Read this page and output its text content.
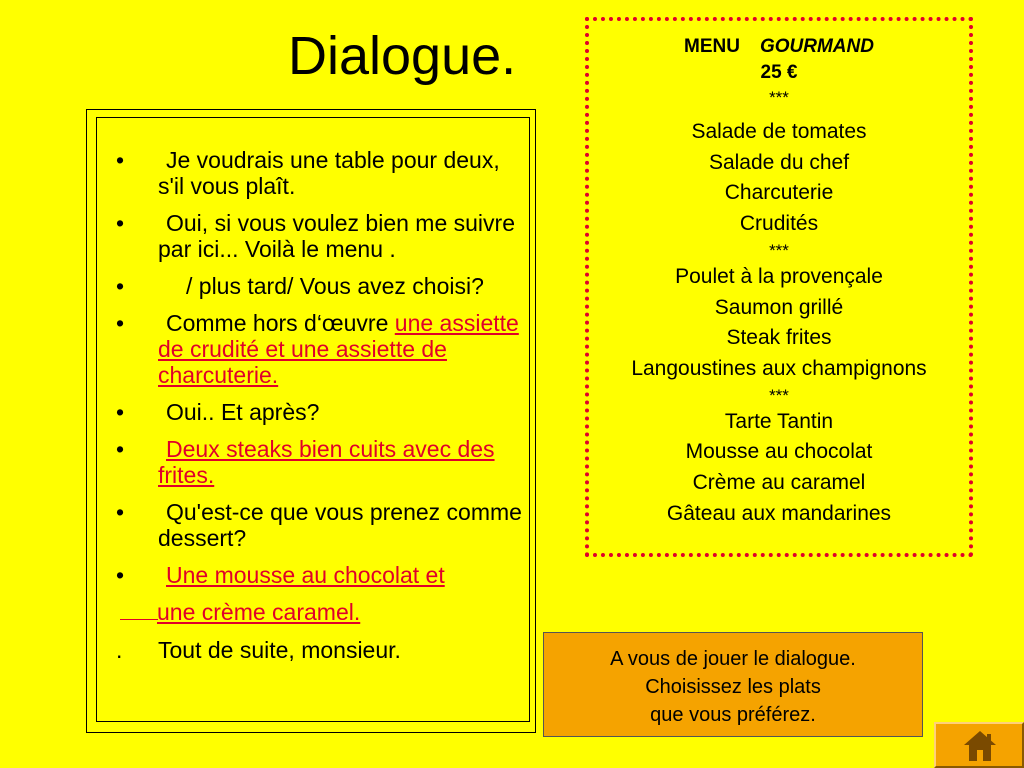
Dialogue.
• Je voudrais une table pour deux, s'il vous plaît.
• Oui, si vous voulez bien me suivre par ici... Voilà le menu .
•	/ plus tard/ Vous avez choisi?
• Comme hors d‘œuvre une assiette de crudité et une assiette de charcuterie.
• Oui.. Et après?
• Deux steaks bien cuits avec des frites.
• Qu'est-ce que vous prenez comme dessert?
• Une mousse au chocolat et
une crème caramel.
. Tout de suite, monsieur.
MENU GOURMAND
25 €
***
Salade de tomates
Salade du chef
Charcuterie
Crudités
***
Poulet à la provençale
Saumon grillé
Steak frites
Langoustines aux champignons
***
Tarte Tantin
Mousse au chocolat
Crème au caramel
Gâteau aux mandarines
A vous de jouer le dialogue.
Choisissez les plats
que vous préférez.
